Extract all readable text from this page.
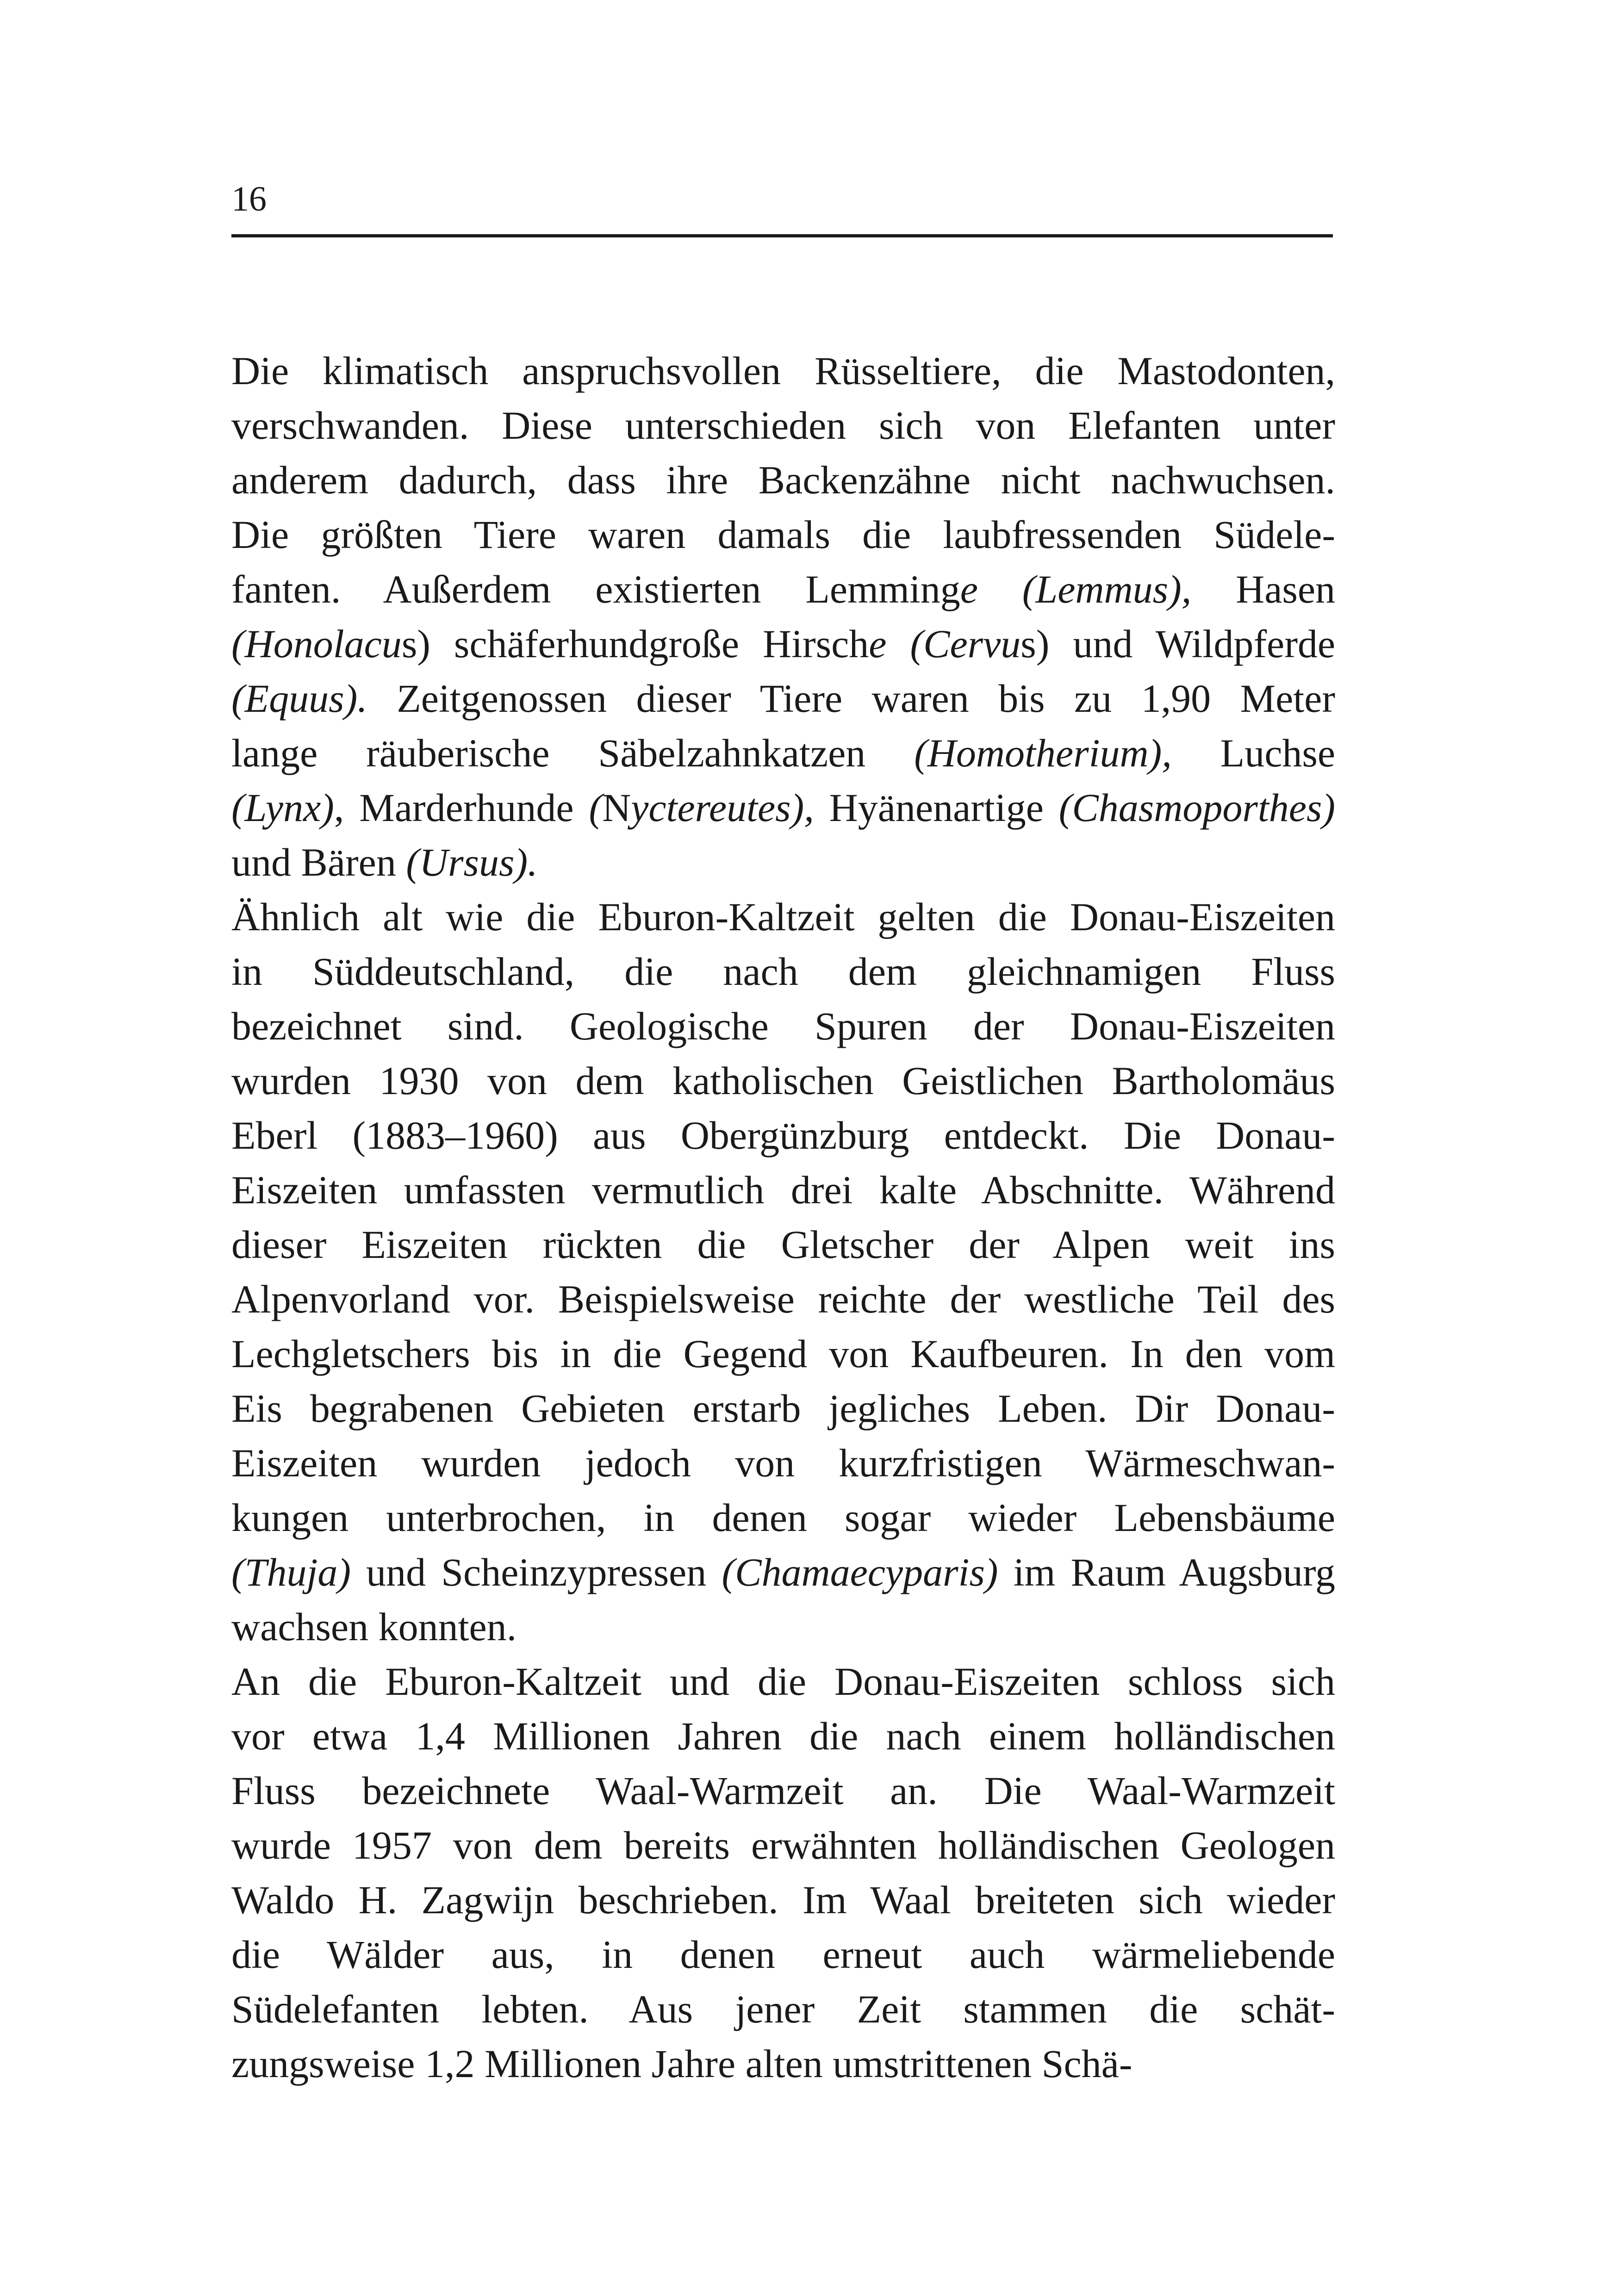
16
Die klimatisch anspruchsvollen Rüsseltiere, die Mastodonten,
verschwanden. Diese unterschieden sich von Elefanten unter
anderem dadurch, dass ihre Backenzähne nicht nachwuchsen.
Die größten Tiere waren damals die laubfressenden Südele-
fanten. Außerdem existierten Lemminge (Lemmus), Hasen
(Honolacus) schäferhundgroße Hirsche (Cervus) und Wildpferde
(Equus). Zeitgenossen dieser Tiere waren bis zu 1,90 Meter
lange räuberische Säbelzahnkatzen (Homotherium), Luchse
(Lynx), Marderhunde (Nyctereutes), Hyänenartige (Chasmoporthes)
und Bären (Ursus).
Ähnlich alt wie die Eburon-Kaltzeit gelten die Donau-Eiszeiten
in Süddeutschland, die nach dem gleichnamigen Fluss
bezeichnet sind. Geologische Spuren der Donau-Eiszeiten
wurden 1930 von dem katholischen Geistlichen Bartholomäus
Eberl (1883–1960) aus Obergünzburg entdeckt. Die Donau-
Eiszeiten umfassten vermutlich drei kalte Abschnitte. Während
dieser Eiszeiten rückten die Gletscher der Alpen weit ins
Alpenvorland vor. Beispielsweise reichte der westliche Teil des
Lechgletschers bis in die Gegend von Kaufbeuren. In den vom
Eis begrabenen Gebieten erstarb jegliches Leben. Dir Donau-
Eiszeiten wurden jedoch von kurzfristigen Wärmeschwan-
kungen unterbrochen, in denen sogar wieder Lebensbäume
(Thuja) und Scheinzypressen (Chamaecyparis) im Raum Augsburg
wachsen konnten.
An die Eburon-Kaltzeit und die Donau-Eiszeiten schloss sich
vor etwa 1,4 Millionen Jahren die nach einem holländischen
Fluss bezeichnete Waal-Warmzeit an. Die Waal-Warmzeit
wurde 1957 von dem bereits erwähnten holländischen Geologen
Waldo H. Zagwijn beschrieben. Im Waal breiteten sich wieder
die Wälder aus, in denen erneut auch wärmeliebende
Südelefanten lebten. Aus jener Zeit stammen die schät-
zungsweise 1,2 Millionen Jahre alten umstrittenen Schä-
